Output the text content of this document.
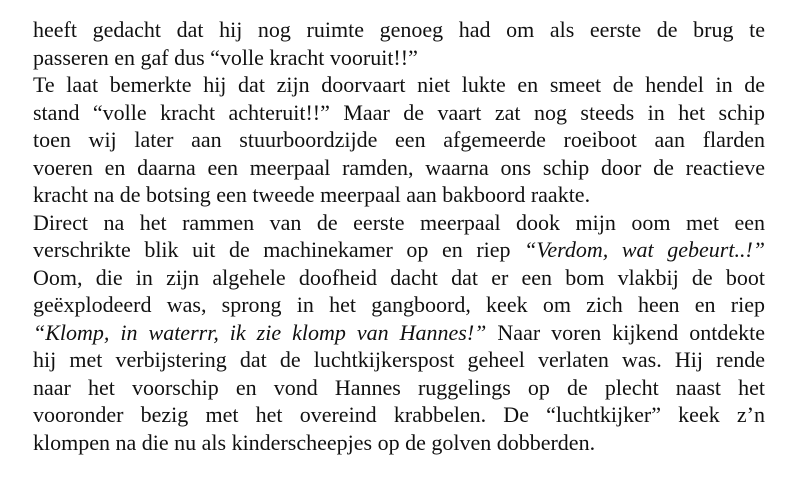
heeft gedacht dat hij nog ruimte genoeg had om als eerste de brug te
passeren en gaf dus “volle kracht vooruit!!”
Te laat bemerkte hij dat zijn doorvaart niet lukte en smeet de hendel in de
stand “volle kracht achteruit!!” Maar de vaart zat nog steeds in het schip
toen wij later aan stuurboordzijde een afgemeerde roeiboot aan flarden
voeren en daarna een meerpaal ramden, waarna ons schip door de reactieve
kracht na de botsing een tweede meerpaal aan bakboord raakte.
Direct na het rammen van de eerste meerpaal dook mijn oom met een
verschrikte blik uit de machinekamer op en riep “Verdom, wat gebeurt..!”
Oom, die in zijn algehele doofheid dacht dat er een bom vlakbij de boot
geëxplodeerd was, sprong in het gangboord, keek om zich heen en riep
“Klomp, in waterrr, ik zie klomp van Hannes!” Naar voren kijkend ontdekte
hij met verbijstering dat de luchtkijkerspost geheel verlaten was. Hij rende
naar het voorschip en vond Hannes ruggelings op de plecht naast het
vooronder bezig met het overeind krabbelen. De “luchtkijker” keek z’n
klompen na die nu als kinderscheepjes op de golven dobberden.
